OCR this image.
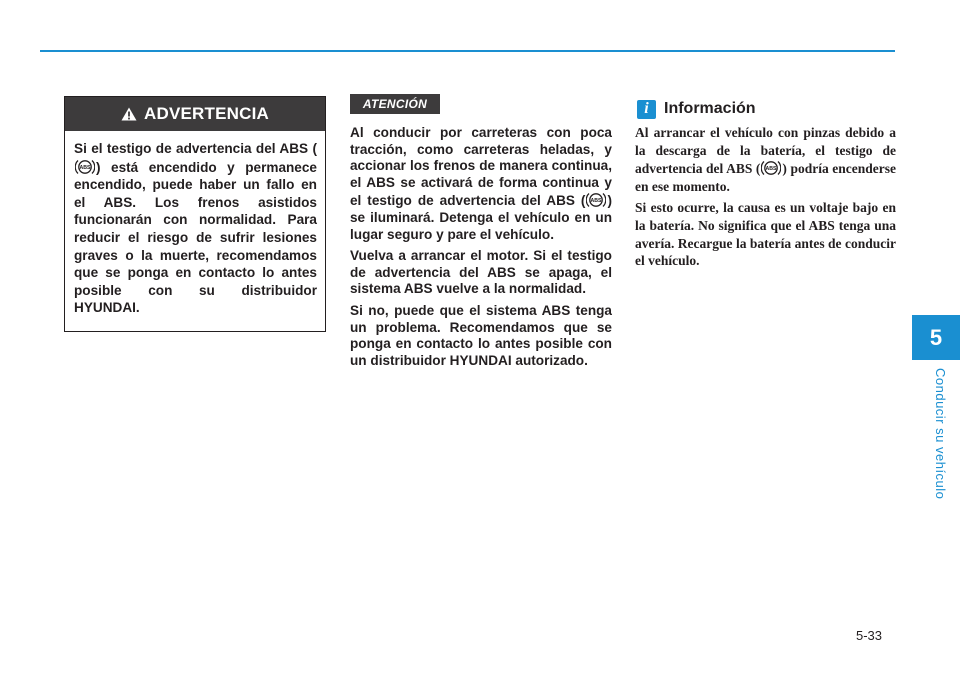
ADVERTENCIA
Si el testigo de advertencia del ABS (
ABS ) está encendido y permanece encendido, puede haber un fallo en el ABS. Los frenos asistidos funcionarán con normalidad. Para reducir el riesgo de sufrir lesiones graves o la muerte, recomendamos que se ponga en contacto lo antes posible con su distribuidor HYUNDAI.
ATENCIÓN

Al conducir por carreteras con poca tracción, como carreteras heladas, y accionar los frenos de manera continua, el ABS se activará de forma continua y el testigo de advertencia del ABS ( ABS ) se iluminará. Detenga el vehículo en un lugar seguro y pare el vehículo.

Vuelva a arrancar el motor. Si el testigo de advertencia del ABS se apaga, el sistema ABS vuelve a la normalidad.

Si no, puede que el sistema ABS tenga un problema. Recomendamos que se ponga en contacto lo antes posible con un distribuidor HYUNDAI autorizado.

i Información

Al arrancar el vehículo con pinzas debido a la descarga de la batería, el testigo de advertencia del ABS ( ABS ) podría encenderse en ese momento.

Si esto ocurre, la causa es un voltaje bajo en la batería. No significa que el ABS tenga una avería. Recargue la batería antes de conducir el vehículo.

5
Conducir su vehículo
5-33
